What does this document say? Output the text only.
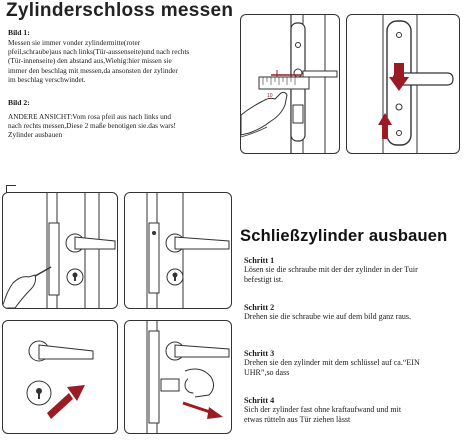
Zylinderschloss messen
Bild 1:
Messen sie immer vonder zylindermitte(roter
pfeil,schraube)aus nach links(Tür-aussenseite)und nach rechts
(Tür-innenseite) den abstand aus,Wiehig:hier missen sie
immer den beschlag mit messen,da ansonsten der zylinder
im beschlag verschwindet.
Bild 2:
ANDERE ANSICHT:Vom rosa pfeil aus nach links und
nach rechts messen,Diese 2 maße benotigen sie.das wars!
Zylinder ausbauen
10
Schließzylinder ausbauen
Schritt 1
Lösen sie die schraube mit der der zylinder in der Tuir
befestigt ist.
Schritt 2
Drehen sie die schraube wie auf dem bild ganz raus.
Schritt 3
Drehen sie den zylinder mit dem schlüssel auf ca.“EIN
UHR”,so dass
Schritt 4
Sich der zylinder fast ohne kraftaufwand und mit
etwas rütteln aus Tür ziehen lässt
